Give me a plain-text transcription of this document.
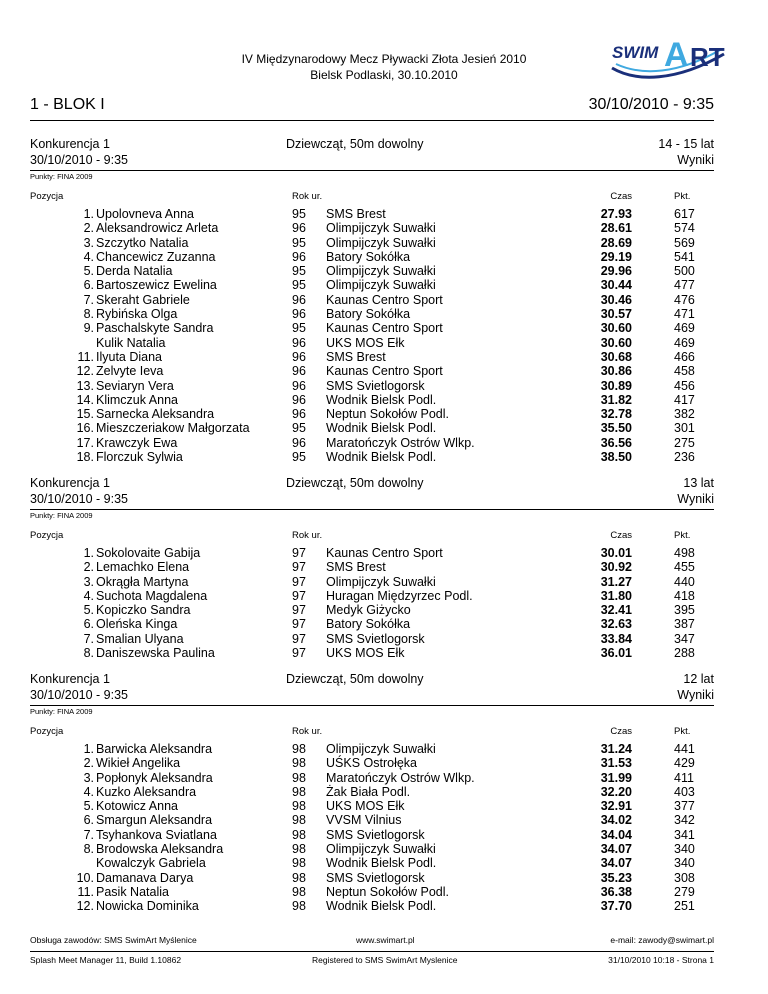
IV Międzynarodowy Mecz Pływacki Złota Jesień 2010
Bielsk Podlaski, 30.10.2010
SWIM A RT
1 - BLOK I	30/10/2010 - 9:35
Konkurencja 1
30/10/2010 - 9:35
Dziewcząt, 50m dowolny	14 - 15 lat
Wyniki
Punkty: FINA 2009
Pozycja	Rok ur.	Czas	Pkt.
1. Upolovneva Anna	95 SMS Brest	27.93	617
2. Aleksandrowicz Arleta	96 Olimpijczyk Suwałki	28.61	574
3. Szczytko Natalia	95 Olimpijczyk Suwałki	28.69	569
4. Chancewicz Zuzanna	96 Batory Sokółka	29.19	541
5. Derda Natalia	95 Olimpijczyk Suwałki	29.96	500
6. Bartoszewicz Ewelina	95 Olimpijczyk Suwałki	30.44	477
7. Skeraht Gabriele	96 Kaunas Centro Sport	30.46	476
8. Rybińska Olga	96 Batory Sokółka	30.57	471
9. Paschalskyte Sandra	95 Kaunas Centro Sport	30.60	469
Kulik Natalia	96 UKS MOS Ełk	30.60	469
11. Ilyuta Diana	96 SMS Brest	30.68	466
12. Zelvyte Ieva	96 Kaunas Centro Sport	30.86	458
13. Seviaryn Vera	96 SMS Svietlogorsk	30.89	456
14. Klimczuk Anna	96 Wodnik Bielsk Podl.	31.82	417
15. Sarnecka Aleksandra	96 Neptun Sokołów Podl.	32.78	382
16. Mieszczeriakow Małgorzata	95 Wodnik Bielsk Podl.	35.50	301
17. Krawczyk Ewa	96 Maratończyk Ostrów Wlkp.	36.56	275
18. Florczuk Sylwia	95 Wodnik Bielsk Podl.	38.50	236
Konkurencja 1
30/10/2010 - 9:35
Dziewcząt, 50m dowolny	13 lat
Wyniki
Punkty: FINA 2009
Pozycja	Rok ur.	Czas	Pkt.
1. Sokolovaite Gabija	97 Kaunas Centro Sport	30.01	498
2. Lemachko Elena	97 SMS Brest	30.92	455
3. Okrągła Martyna	97 Olimpijczyk Suwałki	31.27	440
4. Suchota Magdalena	97 Huragan Międzyrzec Podl.	31.80	418
5. Kopiczko Sandra	97 Medyk Giżycko	32.41	395
6. Oleńska Kinga	97 Batory Sokółka	32.63	387
7. Smalian Ulyana	97 SMS Svietlogorsk	33.84	347
8. Daniszewska Paulina	97 UKS MOS Ełk	36.01	288
Konkurencja 1
30/10/2010 - 9:35
Dziewcząt, 50m dowolny	12 lat
Wyniki
Punkty: FINA 2009
Pozycja	Rok ur.	Czas	Pkt.
1. Barwicka Aleksandra	98 Olimpijczyk Suwałki	31.24	441
2. Wikieł Angelika	98 UŚKS Ostrołęka	31.53	429
3. Popłonyk Aleksandra	98 Maratończyk Ostrów Wlkp.	31.99	411
4. Kuzko Aleksandra	98 Żak Biała Podl.	32.20	403
5. Kotowicz Anna	98 UKS MOS Ełk	32.91	377
6. Smargun Aleksandra	98 VVSM Vilnius	34.02	342
7. Tsyhankova Sviatlana	98 SMS Svietlogorsk	34.04	341
8. Brodowska Aleksandra	98 Olimpijczyk Suwałki	34.07	340
Kowalczyk Gabriela	98 Wodnik Bielsk Podl.	34.07	340
10. Damanava Darya	98 SMS Svietlogorsk	35.23	308
11. Pasik Natalia	98 Neptun Sokołów Podl.	36.38	279
12. Nowicka Dominika	98 Wodnik Bielsk Podl.	37.70	251
Obsługa zawodów: SMS SwimArt Myślenice	www.swimart.pl	e-mail: zawody@swimart.pl
Splash Meet Manager 11, Build 1.10862	Registered to SMS SwimArt Myslenice	31/10/2010 10:18 - Strona 1
